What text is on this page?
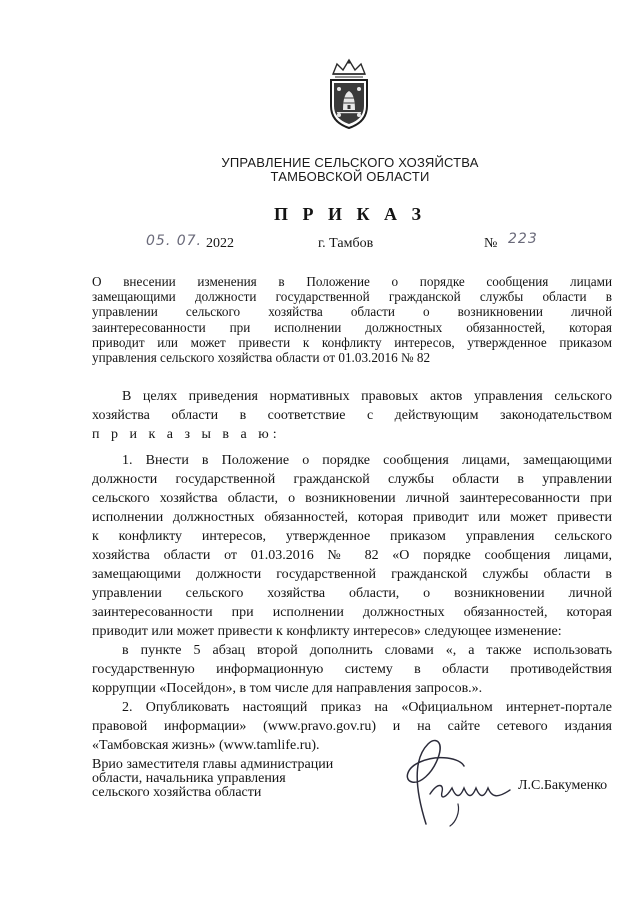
УПРАВЛЕНИЕ СЕЛЬСКОГО ХОЗЯЙСТВА
ТАМБОВСКОЙ ОБЛАСТИ
П Р И К А З
05. 07. 2022	г. Тамбов	№ 223
О внесении изменения в Положение о порядке сообщения лицами
замещающими должности государственной гражданской службы области в
управлении сельского хозяйства области о возникновении личной
заинтересованности при исполнении должностных обязанностей, которая
приводит или может привести к конфликту интересов, утвержденное приказом
управления сельского хозяйства области от 01.03.2016 № 82
В целях приведения нормативных правовых актов управления сельского
хозяйства области в соответствие с действующим законодательством
п р и к а з ы в а ю:
1. Внести в Положение о порядке сообщения лицами, замещающими
должности государственной гражданской службы области в управлении
сельского хозяйства области, о возникновении личной заинтересованности при
исполнении должностных обязанностей, которая приводит или может привести
к конфликту интересов, утвержденное приказом управления сельского
хозяйства области от 01.03.2016 № 82 «О порядке сообщения лицами,
замещающими должности государственной гражданской службы области в
управлении сельского хозяйства области, о возникновении личной
заинтересованности при исполнении должностных обязанностей, которая
приводит или может привести к конфликту интересов» следующее изменение:
в пункте 5 абзац второй дополнить словами «, а также использовать
государственную информационную систему в области противодействия
коррупции «Посейдон», в том числе для направления запросов.».
2. Опубликовать настоящий приказ на «Официальном интернет-портале
правовой информации» (www.pravo.gov.ru) и на сайте сетевого издания
«Тамбовская жизнь» (www.tamlife.ru).
Врио заместителя главы администрации
области, начальника управления
сельского хозяйства области	Л.С.Бакуменко
